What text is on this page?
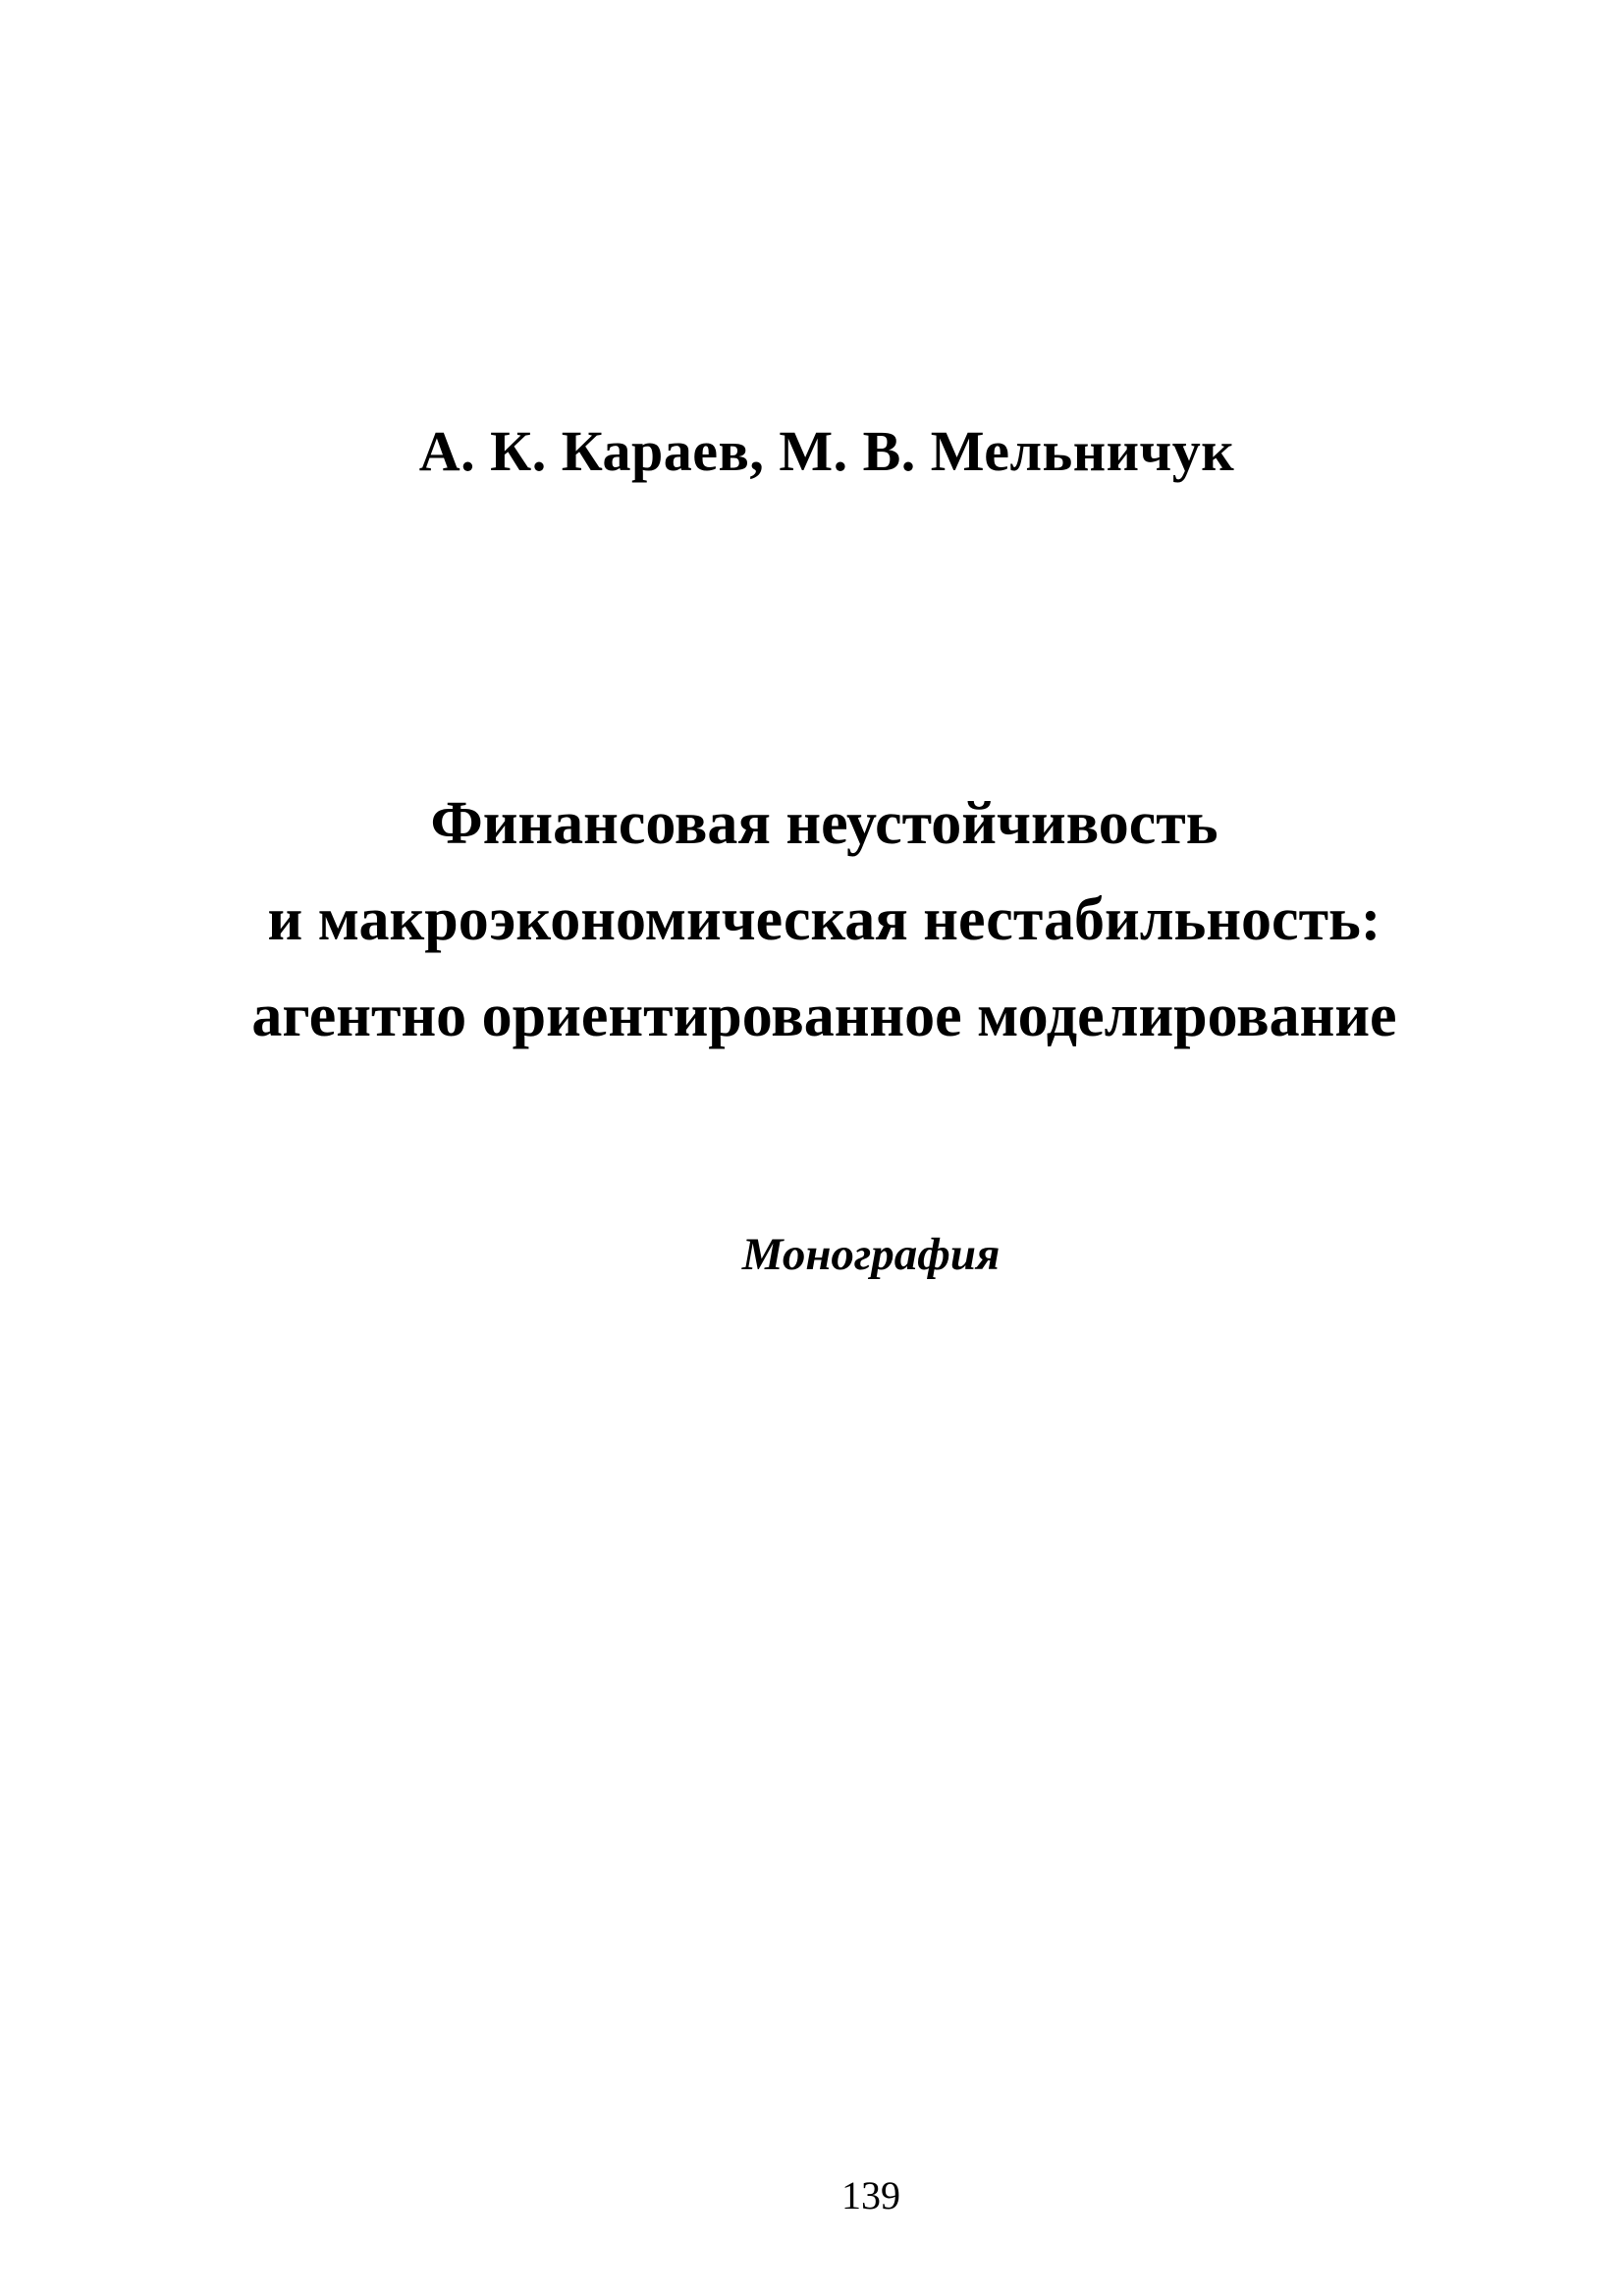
А. К. Караев, М. В. Мельничук
Финансовая неустойчивость
и макроэкономическая нестабильность:
агентно ориентированное моделирование
Монография
139
